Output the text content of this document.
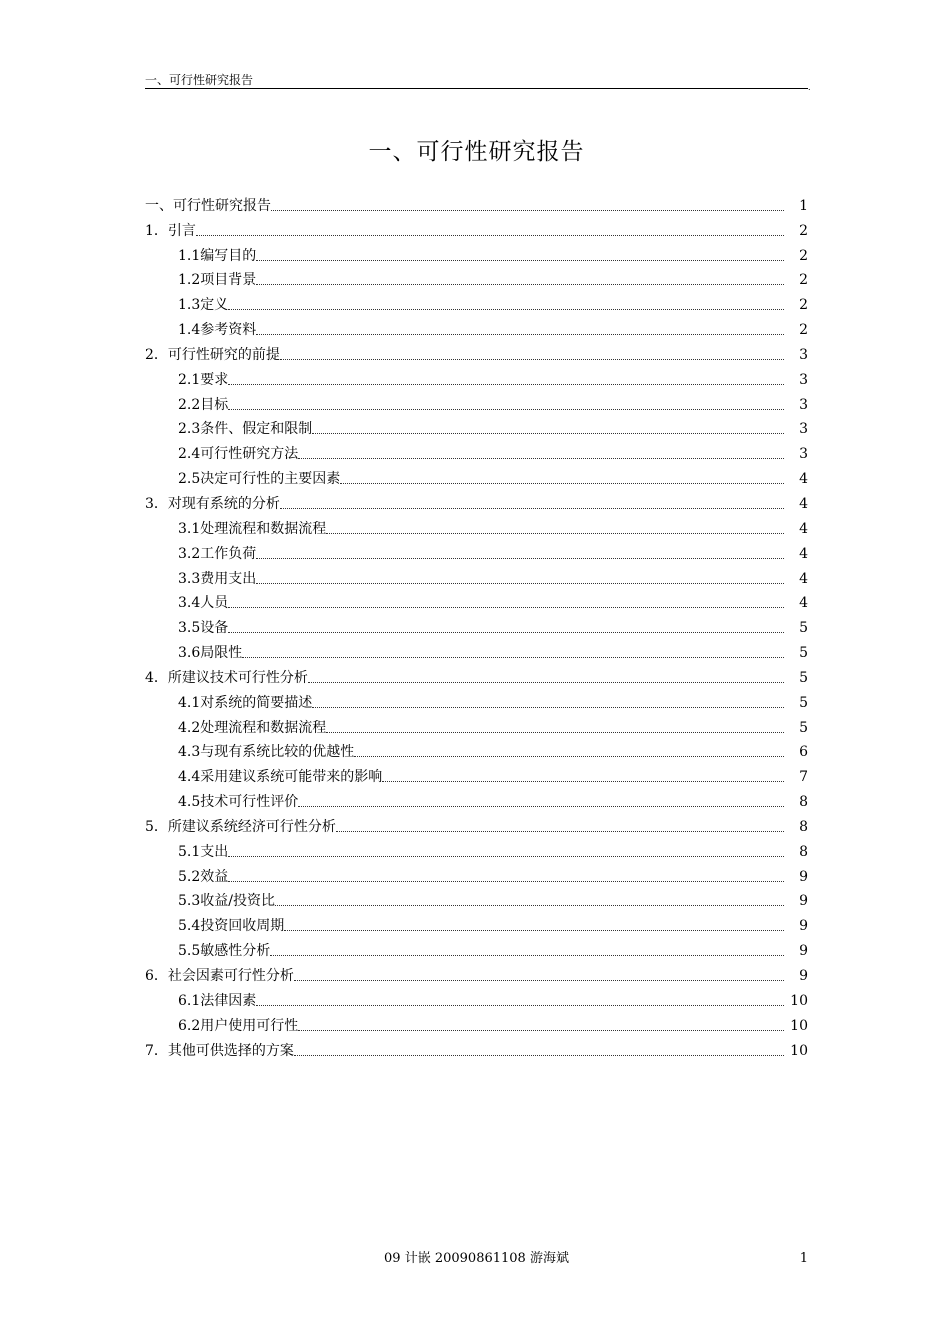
一、可行性研究报告
.
一、可行性研究报告
一、可行性研究报告	1
1． 引言	2
1.1 编写目的	2
1.2 项目背景	2
1.3 定义	2
1.4 参考资料	2
2． 可行性研究的前提	3
2.1 要求	3
2.2 目标	3
2.3 条件、假定和限制	3
2.4 可行性研究方法	3
2.5 决定可行性的主要因素	4
3． 对现有系统的分析	4
3.1 处理流程和数据流程	4
3.2 工作负荷	4
3.3 费用支出	4
3.4 人员	4
3.5 设备	5
3.6 局限性	5
4． 所建议技术可行性分析	5
4.1 对系统的简要描述	5
4.2 处理流程和数据流程	5
4.3 与现有系统比较的优越性	6
4.4 采用建议系统可能带来的影响	7
4.5 技术可行性评价	8
5． 所建议系统经济可行性分析	8
5.1 支出	8
5.2 效益	9
5.3 收益/投资比	9
5.4 投资回收周期	9
5.5 敏感性分析	9
6． 社会因素可行性分析	9
6.1 法律因素	10
6.2 用户使用可行性	10
7． 其他可供选择的方案	10
09 计嵌 20090861108 游海斌	1
